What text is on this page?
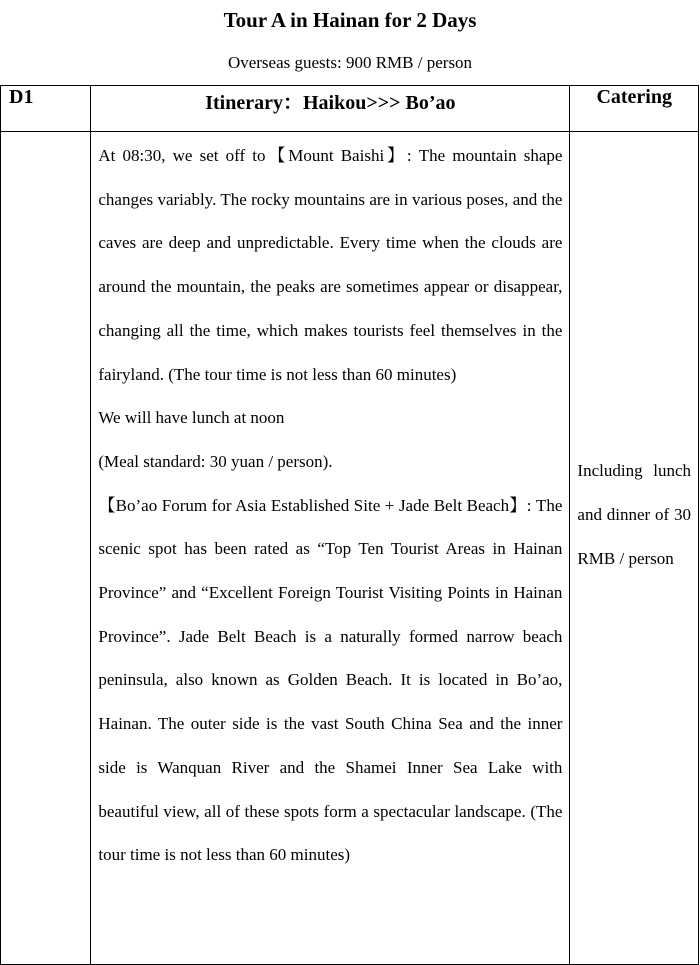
Tour A in Hainan for 2 Days
Overseas guests: 900 RMB / person
D1	Itinerary：Haikou>>> Bo’ao	Catering

	At 08:30, we set off to【Mount Baishi】: The mountain shape changes variably. The rocky mountains are in various poses, and the caves are deep and unpredictable. Every time when the clouds are around the mountain, the peaks are sometimes appear or disappear, changing all the time, which makes tourists feel themselves in the fairyland. (The tour time is not less than 60 minutes)

We will have lunch at noon

(Meal standard: 30 yuan / person).

【Bo’ao Forum for Asia Established Site + Jade Belt Beach】: The scenic spot has been rated as “Top Ten Tourist Areas in Hainan Province” and “Excellent Foreign Tourist Visiting Points in Hainan Province”. Jade Belt Beach is a naturally formed narrow beach peninsula, also known as Golden Beach. It is located in Bo’ao, Hainan. The outer side is the vast South China Sea and the inner side is Wanquan River and the Shamei Inner Sea Lake with beautiful view, all of these spots form a spectacular landscape. (The tour time is not less than 60 minutes)	Including lunch and dinner of 30 RMB / person
